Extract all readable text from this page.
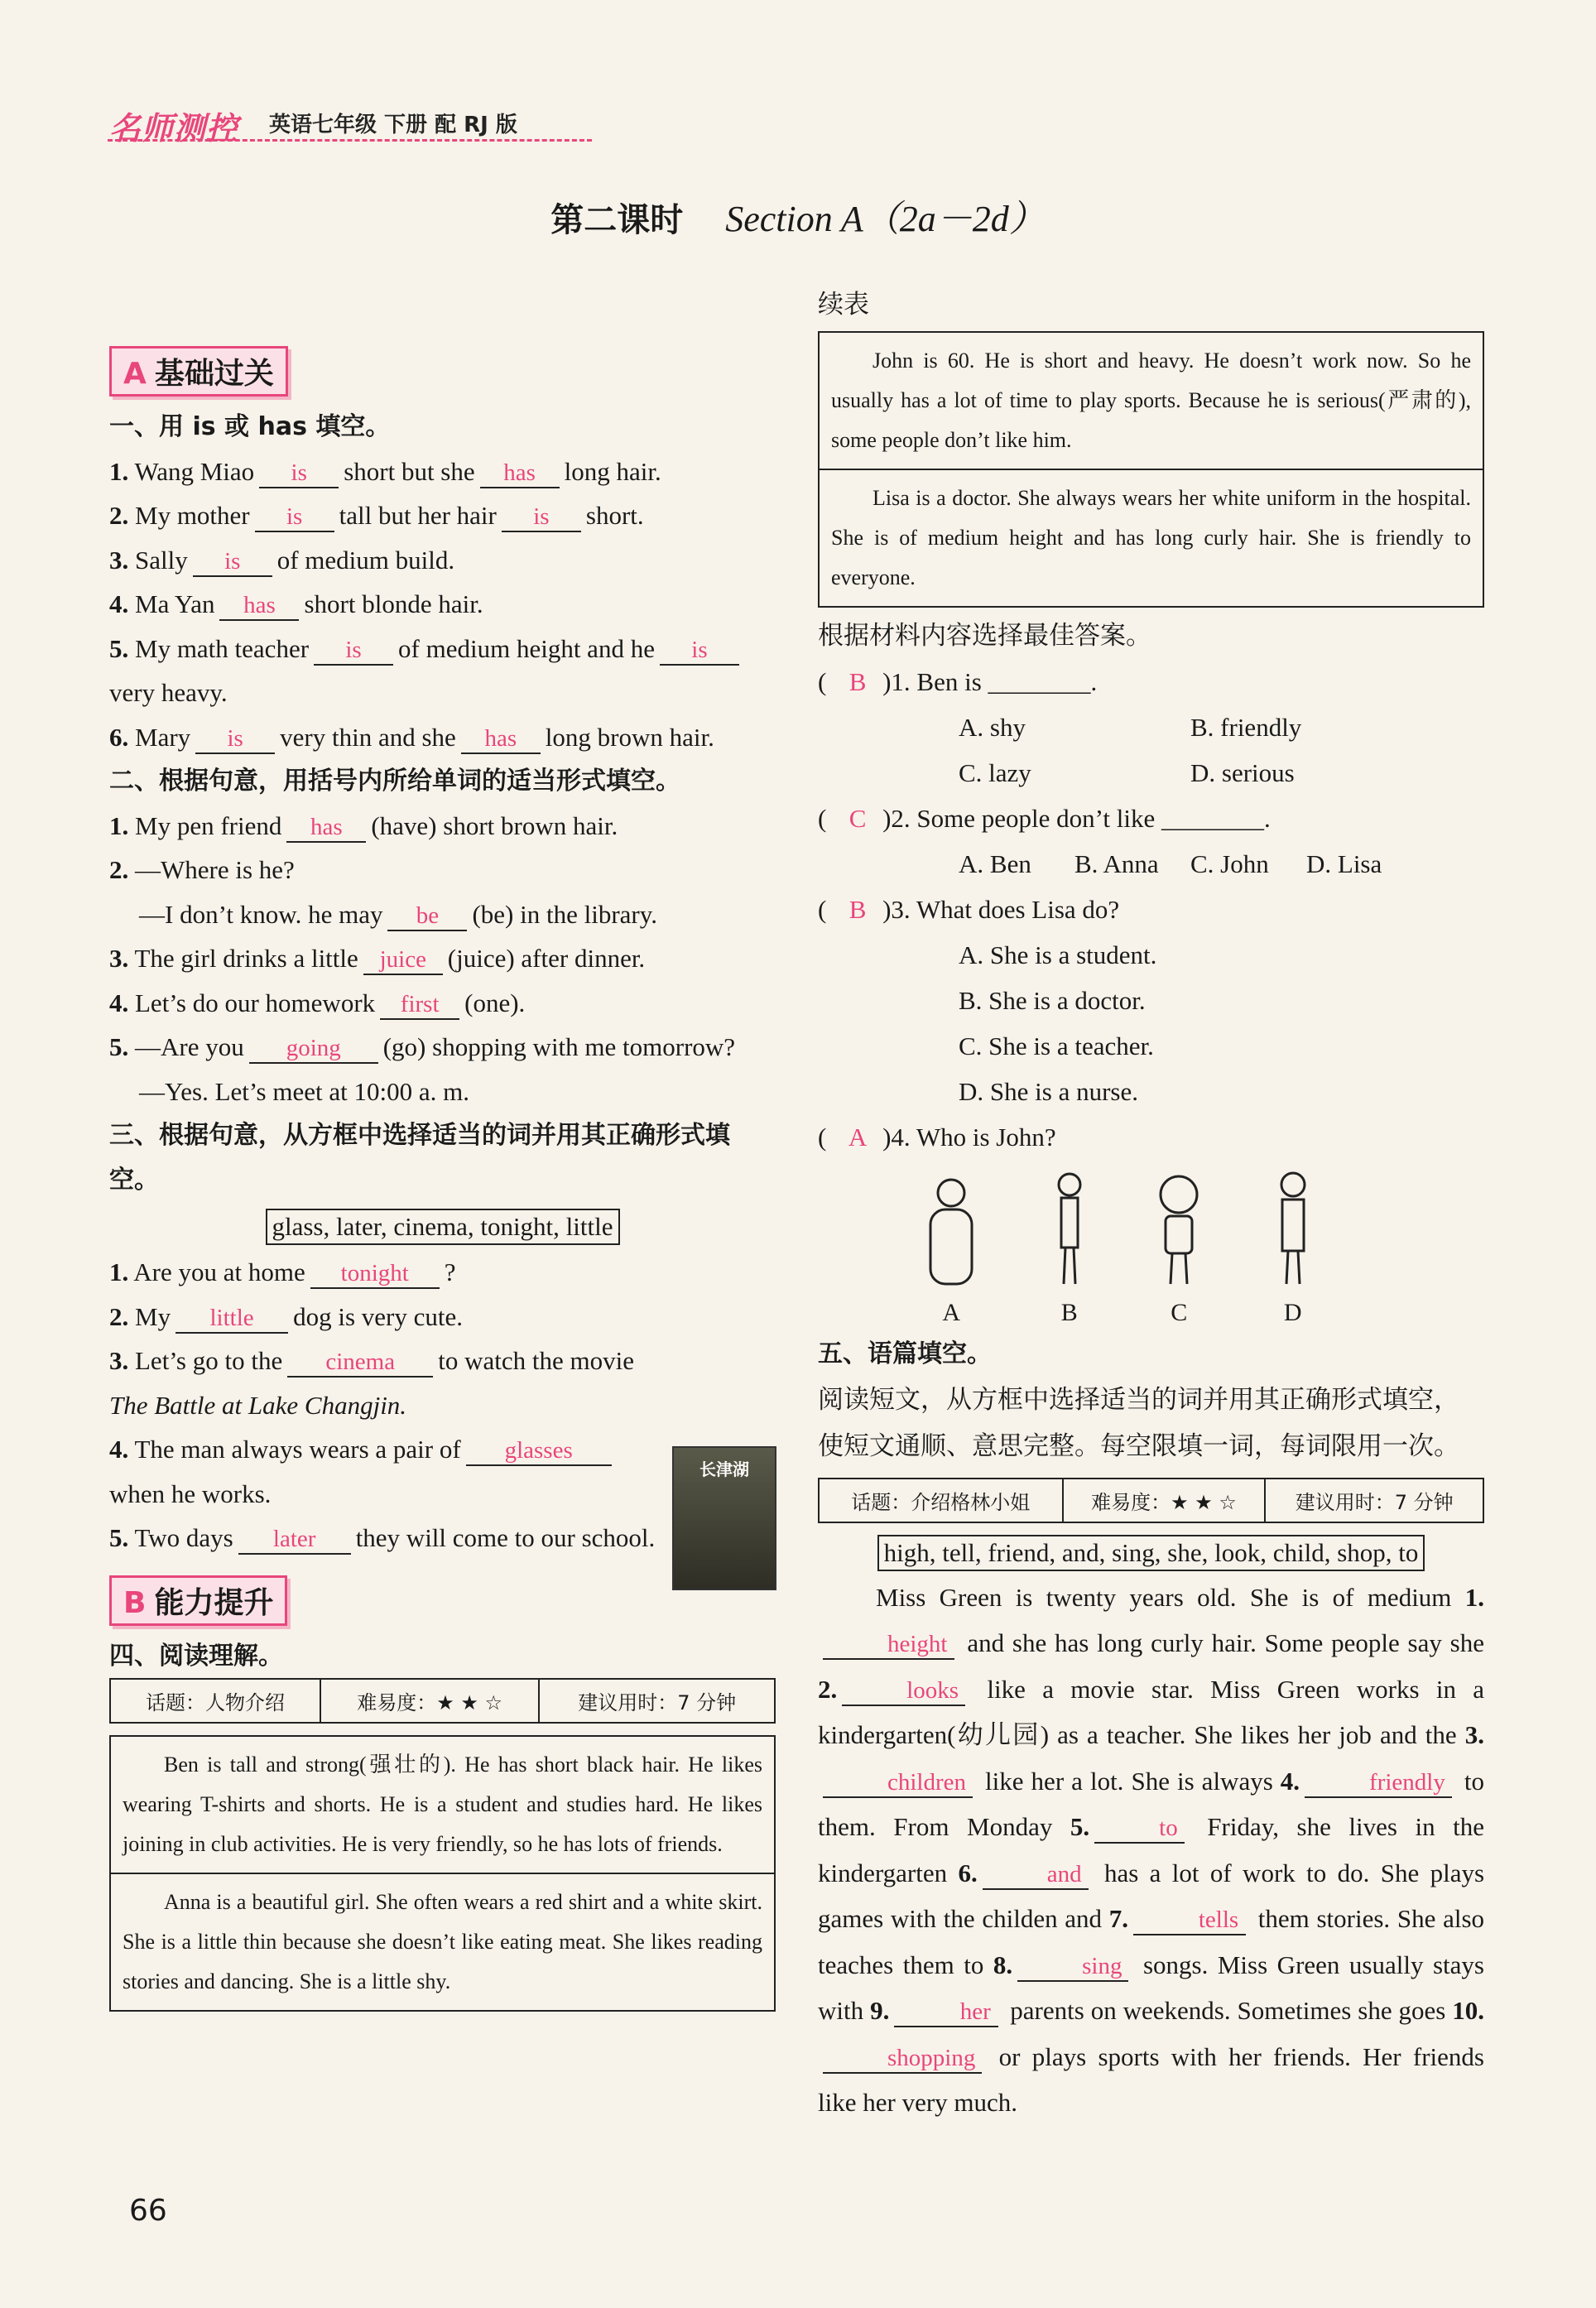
名师测控 英语七年级 下册 配 RJ 版
第二课时 Section A（2a－2d）
A 基础过关
一、用 is 或 has 填空。
1. Wang Miao is short but she has long hair.
2. My mother is tall but her hair is short.
3. Sally is of medium build.
4. Ma Yan has short blonde hair.
5. My math teacher is of medium height and he is very heavy.
6. Mary is very thin and she has long brown hair.
二、根据句意，用括号内所给单词的适当形式填空。
1. My pen friend has (have) short brown hair.
2. —Where is he?
—I don’t know. he may be (be) in the library.
3. The girl drinks a little juice (juice) after dinner.
4. Let’s do our homework first (one).
5. —Are you going (go) shopping with me tomorrow?
—Yes. Let’s meet at 10:00 a. m.
三、根据句意，从方框中选择适当的词并用其正确形式填空。
glass, later, cinema, tonight, little
1. Are you at home tonight ?
2. My little dog is very cute.
3. Let’s go to the cinema to watch the movie The Battle at Lake Changjin.
4. The man always wears a pair of glasseswhen he works.
5. Two days later they will come to our school.
B 能力提升
四、阅读理解。
话题：人物介绍	难易度：★ ★ ☆	建议用时：7 分钟
Ben is tall and strong(强壮的). He has short black hair. He likes wearing T-shirts and shorts. He is a student and studies hard. He likes joining in club activities. He is very friendly, so he has lots of friends.
Anna is a beautiful girl. She often wears a red shirt and a white skirt. She is a little thin because she doesn’t like eating meat. She likes reading stories and dancing. She is a little shy.
长津湖
续表
John is 60. He is short and heavy. He doesn’t work now. So he usually has a lot of time to play sports. Because he is serious(严肃的), some people don’t like him.
Lisa is a doctor. She always wears her white uniform in the hospital. She is of medium height and has long curly hair. She is friendly to everyone.
根据材料内容选择最佳答案。
( B )1. Ben is ________.
A. shy	B. friendly
C. lazy	D. serious
( C )2. Some people don’t like ________.
A. Ben B. Anna C. John D. Lisa
( B )3. What does Lisa do?
A. She is a student.
B. She is a doctor.
C. She is a teacher.
D. She is a nurse.
( A )4. Who is John?
A	B	C	D
五、语篇填空。
阅读短文，从方框中选择适当的词并用其正确形式填空，使短文通顺、意思完整。每空限填一词，每词限用一次。
话题：介绍格林小姐	难易度：★ ★ ☆	建议用时：7 分钟
high, tell, friend, and, sing, she, look, child, shop, to
Miss Green is twenty years old. She is of medium 1.height and she has long curly hair. Some people say she 2.	looks like a movie star. Miss Green works in a kindergarten(幼儿园) as a teacher. She likes her job and the 3.children like her a lot. She is always 4.	friendly to them. From Monday 5.	to Friday, she lives in the kindergarten 6.	and has a lot of work to do. She plays games with the childen and 7.	tells them stories. She also teaches them to 8.	sing songs. Miss Green usually stays with 9.	her parents on weekends. Sometimes she goes 10.shopping or plays sports with her friends. Her friends like her very much.
66
